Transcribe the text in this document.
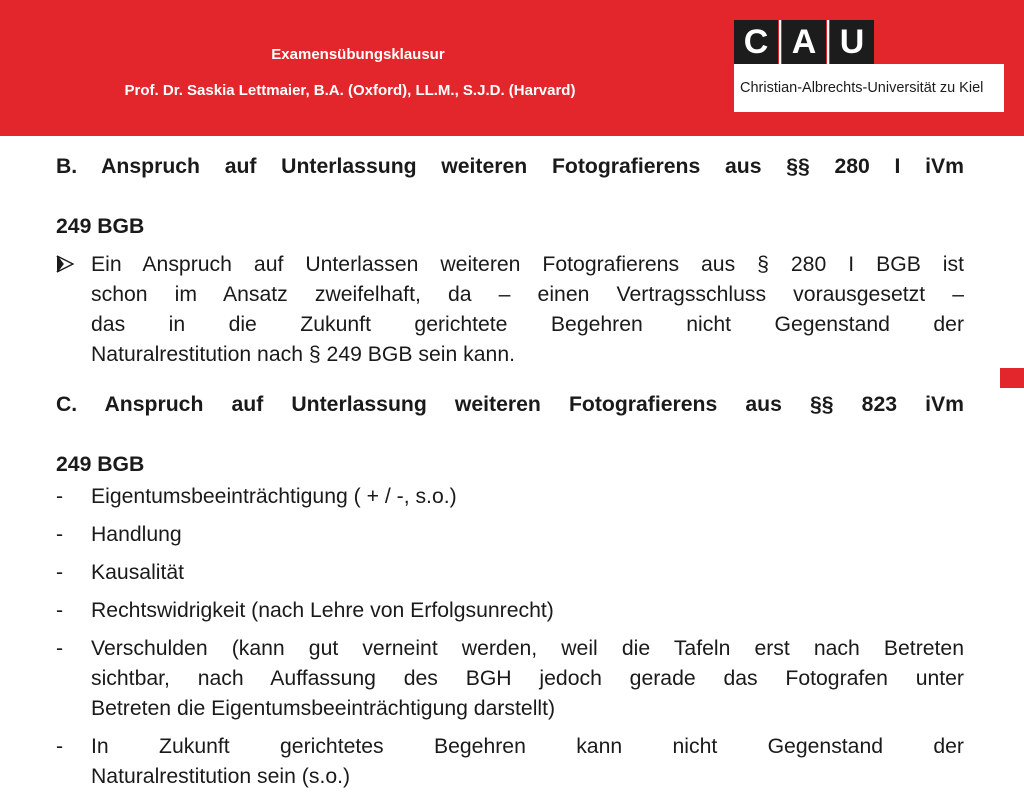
Examensübungsklausur
Prof. Dr. Saskia Lettmaier, B.A. (Oxford), LL.M., S.J.D. (Harvard)
C A U
Christian-Albrechts-Universität zu Kiel
B. Anspruch auf Unterlassung weiteren Fotografierens aus §§ 280 I iVm
249 BGB
Ein Anspruch auf Unterlassen weiteren Fotografierens aus § 280 I BGB ist
schon im Ansatz zweifelhaft, da – einen Vertragsschluss vorausgesetzt –
das in die Zukunft gerichtete Begehren nicht Gegenstand der
Naturalrestitution nach § 249 BGB sein kann.
C. Anspruch auf Unterlassung weiteren Fotografierens aus §§ 823 iVm
249 BGB
-	Eigentumsbeeinträchtigung ( + / -, s.o.)
-	Handlung
-	Kausalität
-	Rechtswidrigkeit (nach Lehre von Erfolgsunrecht)
-	Verschulden (kann gut verneint werden, weil die Tafeln erst nach Betreten
sichtbar, nach Auffassung des BGH jedoch gerade das Fotografen unter
Betreten die Eigentumsbeeinträchtigung darstellt)
-	In Zukunft gerichtetes Begehren kann nicht Gegenstand der
Naturalrestitution sein (s.o.)
